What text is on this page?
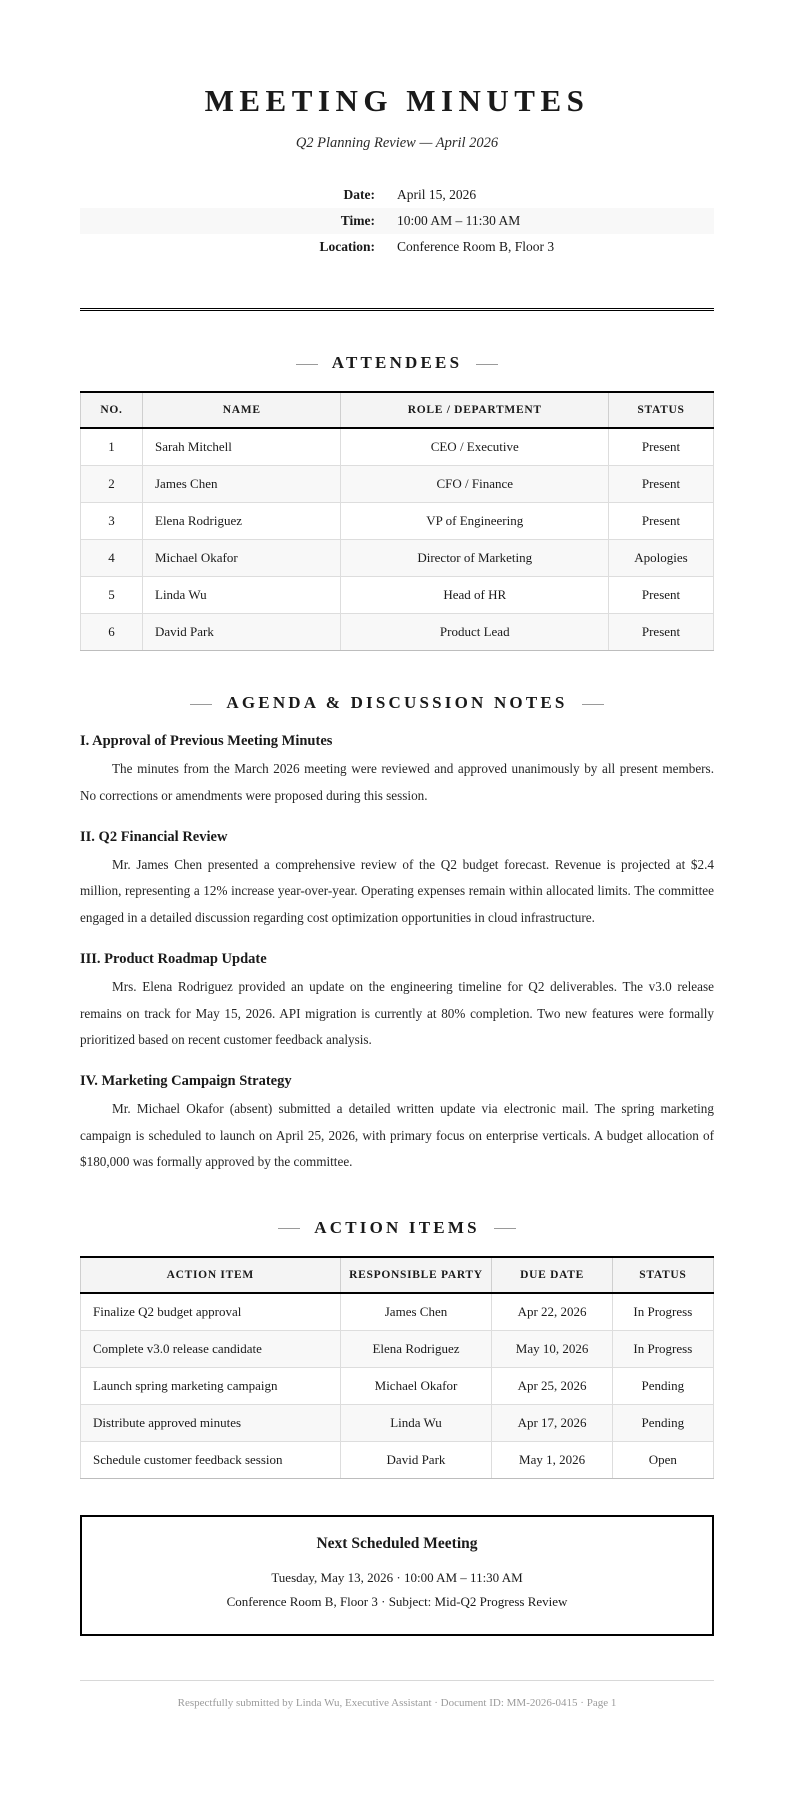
MEETING MINUTES
Q2 Planning Review — April 2026
Date:	April 15, 2026
Time:	10:00 AM – 11:30 AM
Location:	Conference Room B, Floor 3
ATTENDEES
NO.	NAME	ROLE / DEPARTMENT	STATUS
1	Sarah Mitchell	CEO / Executive	Present
2	James Chen	CFO / Finance	Present
3	Elena Rodriguez	VP of Engineering	Present
4	Michael Okafor	Director of Marketing	Apologies
5	Linda Wu	Head of HR	Present
6	David Park	Product Lead	Present
AGENDA & DISCUSSION NOTES
I. Approval of Previous Meeting Minutes

The minutes from the March 2026 meeting were reviewed and approved unanimously by all present members. No corrections or amendments were proposed during this session.

II. Q2 Financial Review

Mr. James Chen presented a comprehensive review of the Q2 budget forecast. Revenue is projected at $2.4 million, representing a 12% increase year-over-year. Operating expenses remain within allocated limits. The committee engaged in a detailed discussion regarding cost optimization opportunities in cloud infrastructure.

III. Product Roadmap Update

Mrs. Elena Rodriguez provided an update on the engineering timeline for Q2 deliverables. The v3.0 release remains on track for May 15, 2026. API migration is currently at 80% completion. Two new features were formally prioritized based on recent customer feedback analysis.

IV. Marketing Campaign Strategy

Mr. Michael Okafor (absent) submitted a detailed written update via electronic mail. The spring marketing campaign is scheduled to launch on April 25, 2026, with primary focus on enterprise verticals. A budget allocation of $180,000 was formally approved by the committee.

ACTION ITEMS
ACTION ITEM	RESPONSIBLE PARTY	DUE DATE	STATUS
Finalize Q2 budget approval	James Chen	Apr 22, 2026	In Progress
Complete v3.0 release candidate	Elena Rodriguez	May 10, 2026	In Progress
Launch spring marketing campaign	Michael Okafor	Apr 25, 2026	Pending
Distribute approved minutes	Linda Wu	Apr 17, 2026	Pending
Schedule customer feedback session	David Park	May 1, 2026	Open
Next Scheduled Meeting
Tuesday, May 13, 2026 · 10:00 AM – 11:30 AM
Conference Room B, Floor 3 · Subject: Mid-Q2 Progress Review
Respectfully submitted by Linda Wu, Executive Assistant · Document ID: MM-2026-0415 · Page 1
